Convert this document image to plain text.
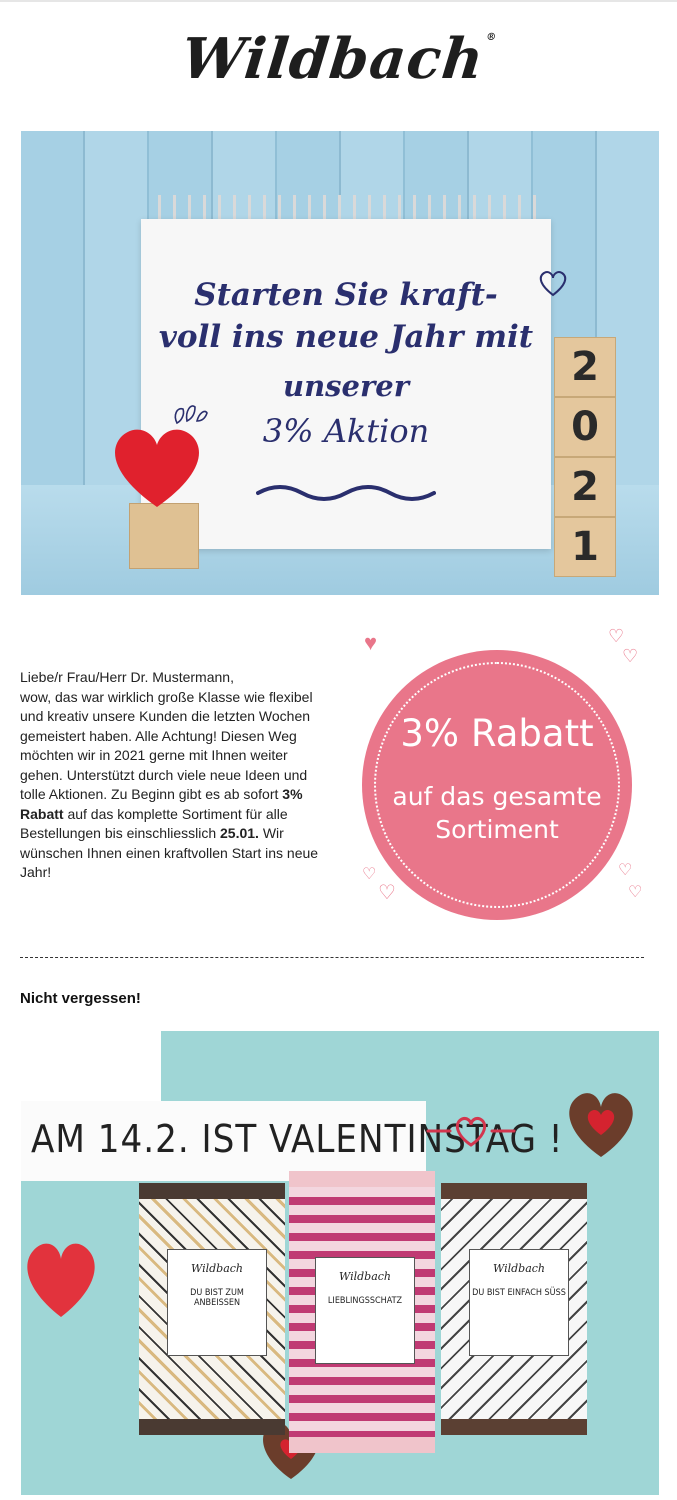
Wildbach®
Starten Sie kraft-
voll ins neue Jahr mit
unserer
3% Aktion
2
0
2
1
Liebe/r Frau/Herr Dr. Mustermann,
wow, das war wirklich große Klasse wie flexibel und kreativ unsere Kunden die letzten Wochen gemeistert haben. Alle Achtung! Diesen Weg möchten wir in 2021 gerne mit Ihnen weiter gehen. Unterstützt durch viele neue Ideen und tolle Aktionen. Zu Beginn gibt es ab sofort 3% Rabatt auf das komplette Sortiment für alle Bestellungen bis einschliesslich 25.01. Wir wünschen Ihnen einen kraftvollen Start ins neue Jahr!
3% Rabatt
auf das gesamte
Sortiment
♥	♡
♡
♡
♡
♡
♡
Nicht vergessen!
AM 14.2. IST VALENTINSTAG !
Wildbach
DU BIST ZUM ANBEISSEN
Wildbach
LIEBLINGSSCHATZ
Wildbach
DU BIST EINFACH SÜSS
